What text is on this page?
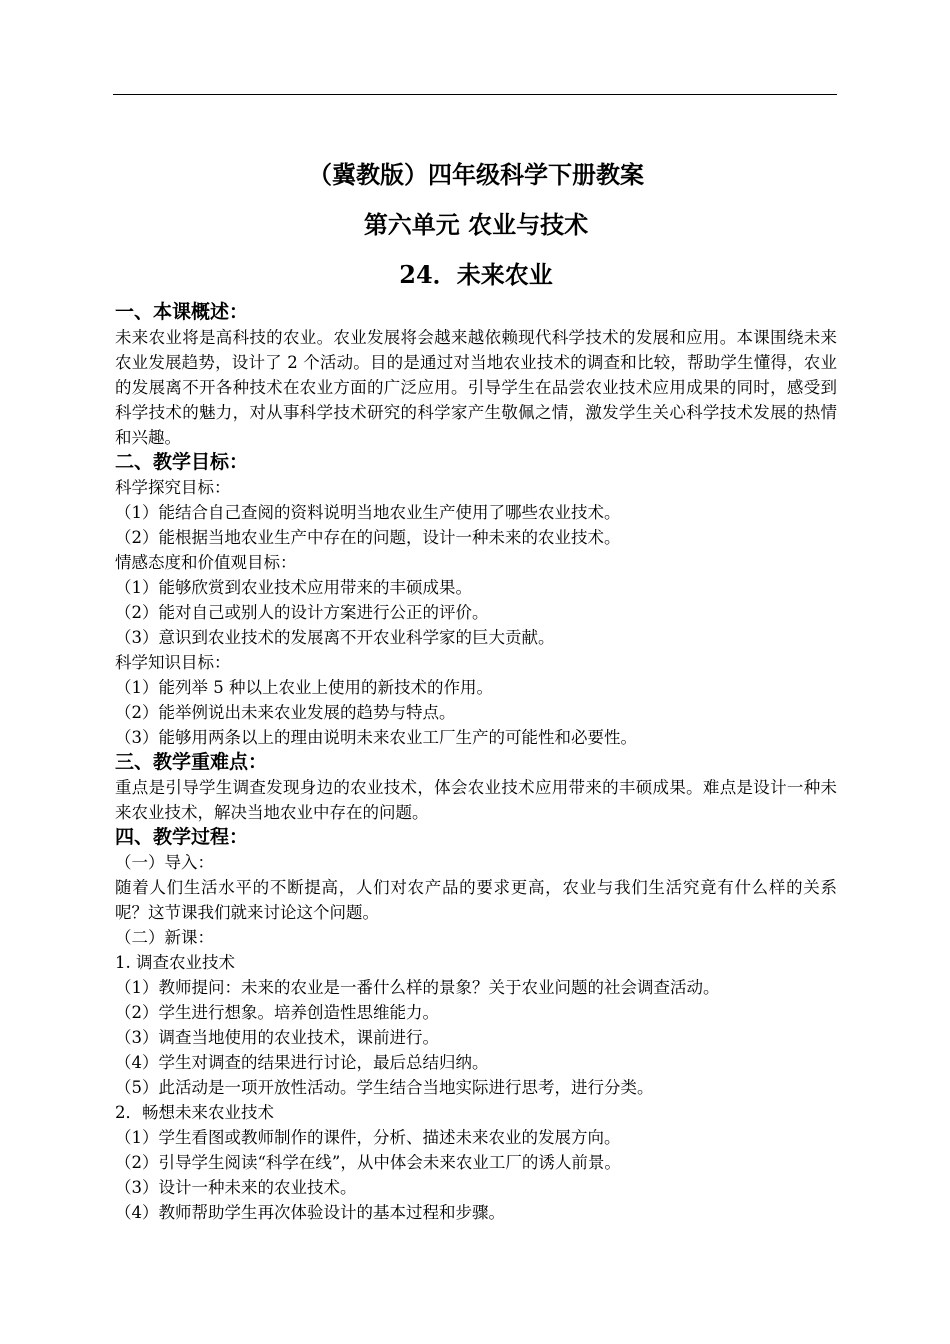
（冀教版）四年级科学下册教案
第六单元 农业与技术
24．未来农业
一、本课概述：
未来农业将是高科技的农业。农业发展将会越来越依赖现代科学技术的发展和应用。本课围绕未来农业发展趋势，设计了 2 个活动。目的是通过对当地农业技术的调查和比较，帮助学生懂得，农业的发展离不开各种技术在农业方面的广泛应用。引导学生在品尝农业技术应用成果的同时，感受到科学技术的魅力，对从事科学技术研究的科学家产生敬佩之情，激发学生关心科学技术发展的热情和兴趣。
二、教学目标：
科学探究目标：
（1）能结合自己查阅的资料说明当地农业生产使用了哪些农业技术。
（2）能根据当地农业生产中存在的问题，设计一种未来的农业技术。
情感态度和价值观目标：
（1）能够欣赏到农业技术应用带来的丰硕成果。
（2）能对自己或别人的设计方案进行公正的评价。
（3）意识到农业技术的发展离不开农业科学家的巨大贡献。
科学知识目标：
（1）能列举 5 种以上农业上使用的新技术的作用。
（2）能举例说出未来农业发展的趋势与特点。
（3）能够用两条以上的理由说明未来农业工厂生产的可能性和必要性。
三、教学重难点：
重点是引导学生调查发现身边的农业技术，体会农业技术应用带来的丰硕成果。难点是设计一种未来农业技术，解决当地农业中存在的问题。
四、教学过程：
（一）导入：
随着人们生活水平的不断提高，人们对农产品的要求更高，农业与我们生活究竟有什么样的关系呢？这节课我们就来讨论这个问题。
（二）新课：
1. 调查农业技术
（1）教师提问：未来的农业是一番什么样的景象？关于农业问题的社会调查活动。
（2）学生进行想象。培养创造性思维能力。
（3）调查当地使用的农业技术，课前进行。
（4）学生对调查的结果进行讨论，最后总结归纳。
（5）此活动是一项开放性活动。学生结合当地实际进行思考，进行分类。
2．畅想未来农业技术
（1）学生看图或教师制作的课件，分析、描述未来农业的发展方向。
（2）引导学生阅读“科学在线”，从中体会未来农业工厂的诱人前景。
（3）设计一种未来的农业技术。
（4）教师帮助学生再次体验设计的基本过程和步骤。
